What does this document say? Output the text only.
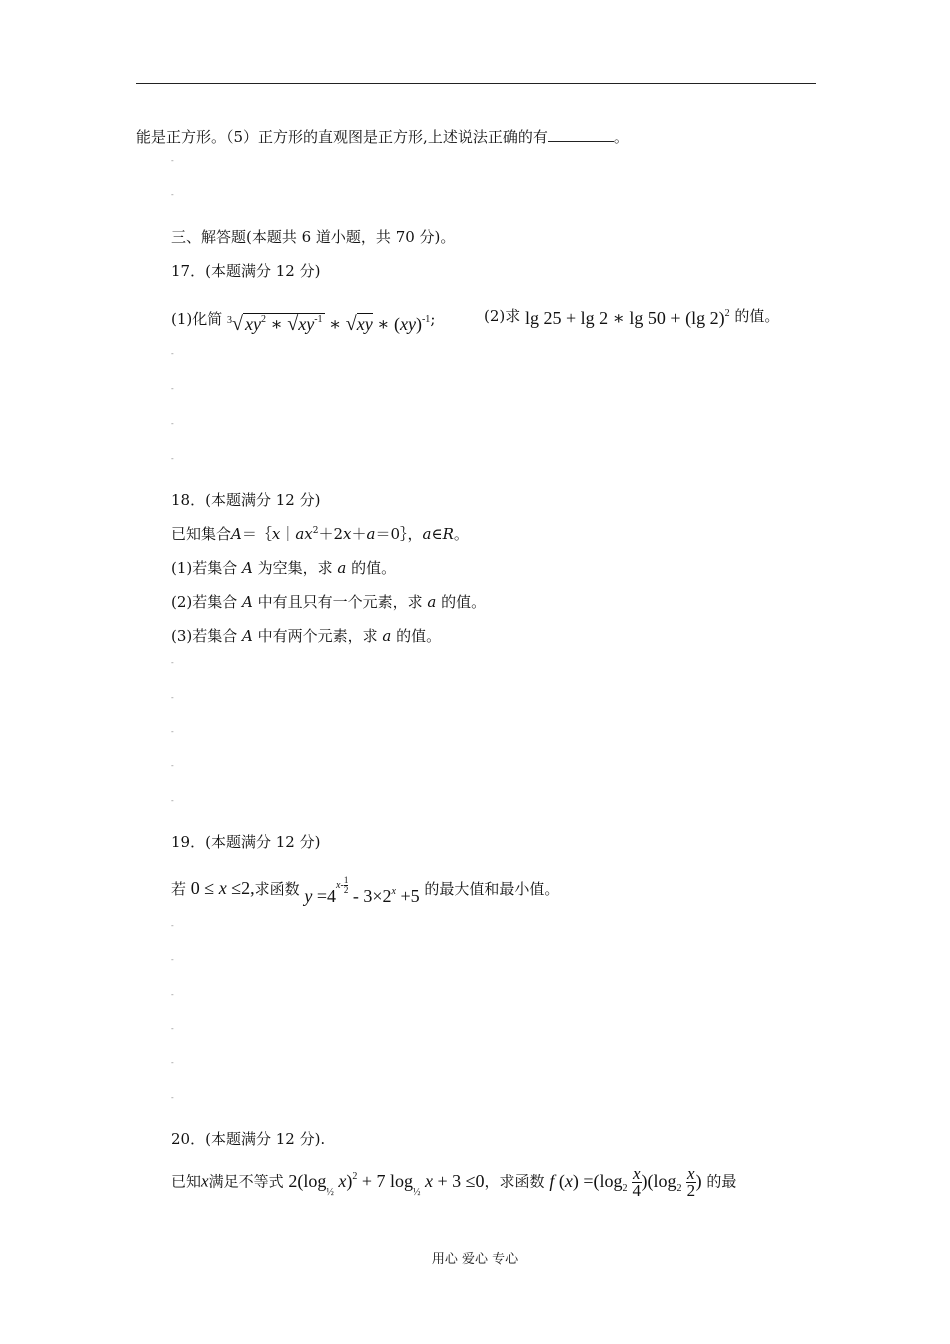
能是正方形。（5）正方形的直观图是正方形,上述说法正确的有	。
-
-
三、解答题(本题共 6 道小题，共 70 分)。
17．(本题满分 12 分)
(1)化简 $^3$√ $xy^2$ ∗ $√xy^{-1}$ ∗ √xy ∗ (xy)$^{-1}$;	(2)求 lg 25 + lg 2 ∗ lg 50 + (lg 2)$^2$ 的值。
-
-
-
-
18．(本题满分 12 分)
已知集合$A=\{x|ax^2+2x+a=0\}$，a∈R。
(1)若集合 A 为空集，求 a 的值。
(2)若集合 A 中有且只有一个元素，求 a 的值。
(3)若集合 A 中有两个元素，求 a 的值。
-
-
-
-
-
19．(本题满分 12 分)
若 0 ≤ x ≤2,求函数 $y =4^{x- \frac{1}{2}} - 3\times 2^x +5$ 的最大值和最小值。
-
-
-
-
-
-
20．(本题满分 12 分).
已知x满足不等式 $2(\log_{\frac{1}{2}}$ x)$^2$ + 7 $\log_{\frac{1}{2}} x + 3 \le 0$，求函数 f $(x) =(\log_2 \frac{x}{4} )(\log_2 \frac{x}{2}$ ) 的最
用心 爱心 专心
